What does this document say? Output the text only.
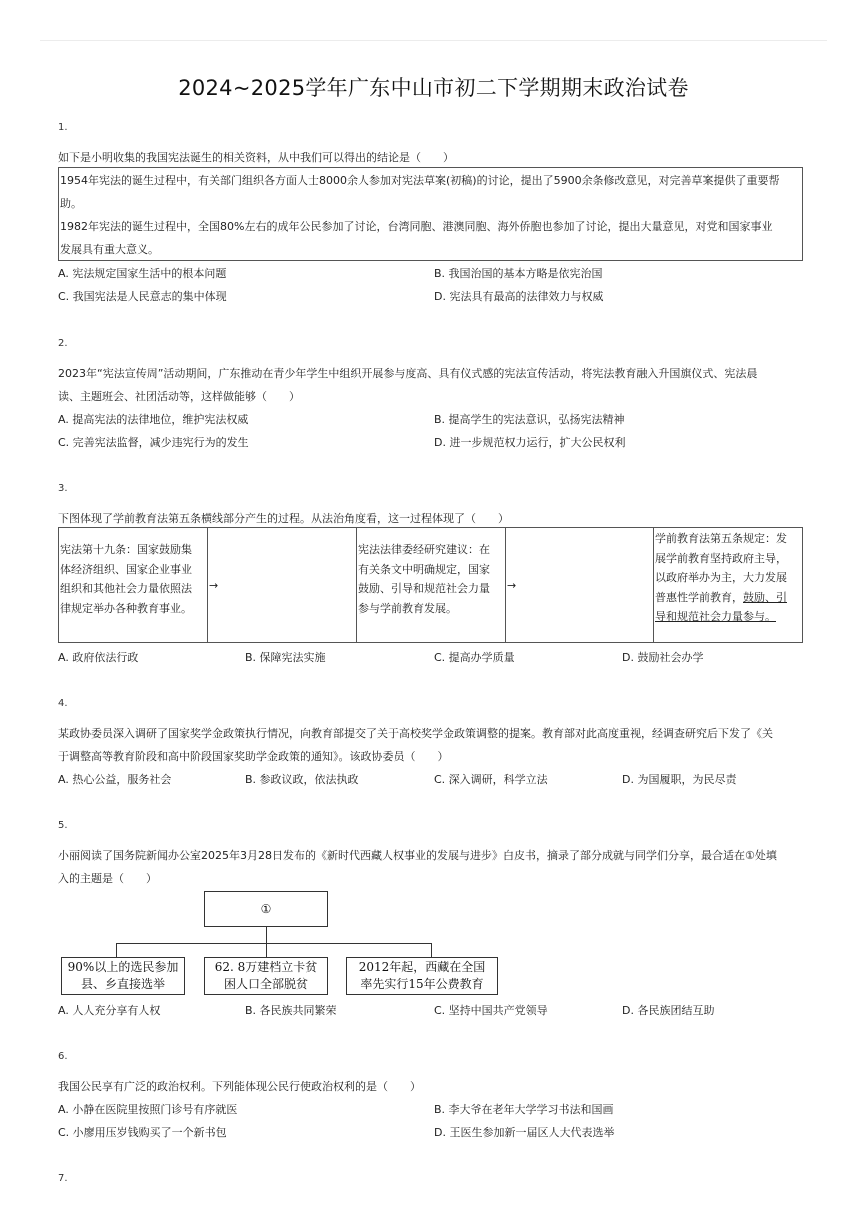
2024~2025学年广东中山市初二下学期期末政治试卷
1.
如下是小明收集的我国宪法诞生的相关资料，从中我们可以得出的结论是（　　）
1954年宪法的诞生过程中，有关部门组织各方面人士8000余人参加对宪法草案(初稿)的讨论，提出了5900余条修改意见，对完善草案提供了重要帮
助。
1982年宪法的诞生过程中，全国80%左右的成年公民参加了讨论，台湾同胞、港澳同胞、海外侨胞也参加了讨论，提出大量意见，对党和国家事业
发展具有重大意义。
A. 宪法规定国家生活中的根本问题	B. 我国治国的基本方略是依宪治国
C. 我国宪法是人民意志的集中体现	D. 宪法具有最高的法律效力与权威
2.
2023年“宪法宣传周”活动期间，广东推动在青少年学生中组织开展参与度高、具有仪式感的宪法宣传活动，将宪法教育融入升国旗仪式、宪法晨
读、主题班会、社团活动等，这样做能够（　　）
A. 提高宪法的法律地位，维护宪法权威	B. 提高学生的宪法意识，弘扬宪法精神
C. 完善宪法监督，减少违宪行为的发生	D. 进一步规范权力运行，扩大公民权利
3.
下图体现了学前教育法第五条横线部分产生的过程。从法治角度看，这一过程体现了（　　）
宪法第十九条：国家鼓励集
体经济组织、国家企业事业
组织和其他社会力量依照法
律规定举办各种教育事业。
→
宪法法律委经研究建议：在
有关条文中明确规定，国家
鼓励、引导和规范社会力量
参与学前教育发展。
→
学前教育法第五条规定：发
展学前教育坚持政府主导，
以政府举办为主，大力发展
普惠性学前教育，鼓励、引
导和规范社会力量参与。
A. 政府依法行政	B. 保障宪法实施	C. 提高办学质量	D. 鼓励社会办学
4.
某政协委员深入调研了国家奖学金政策执行情况，向教育部提交了关于高校奖学金政策调整的提案。教育部对此高度重视，经调查研究后下发了《关
于调整高等教育阶段和高中阶段国家奖助学金政策的通知》。该政协委员（　　）
A. 热心公益，服务社会	B. 参政议政，依法执政	C. 深入调研，科学立法	D. 为国履职，为民尽责
5.
小丽阅读了国务院新闻办公室2025年3月28日发布的《新时代西藏人权事业的发展与进步》白皮书，摘录了部分成就与同学们分享，最合适在①处填
入的主题是（　　）
①
90%以上的选民参加
县、乡直接选举
62. 8万建档立卡贫
困人口全部脱贫
2012年起，西藏在全国
率先实行15年公费教育
A. 人人充分享有人权	B. 各民族共同繁荣	C. 坚持中国共产党领导	D. 各民族团结互助
6.
我国公民享有广泛的政治权利。下列能体现公民行使政治权利的是（　　）
A. 小静在医院里按照门诊号有序就医	B. 李大爷在老年大学学习书法和国画
C. 小廖用压岁钱购买了一个新书包	D. 王医生参加新一届区人大代表选举
7.
